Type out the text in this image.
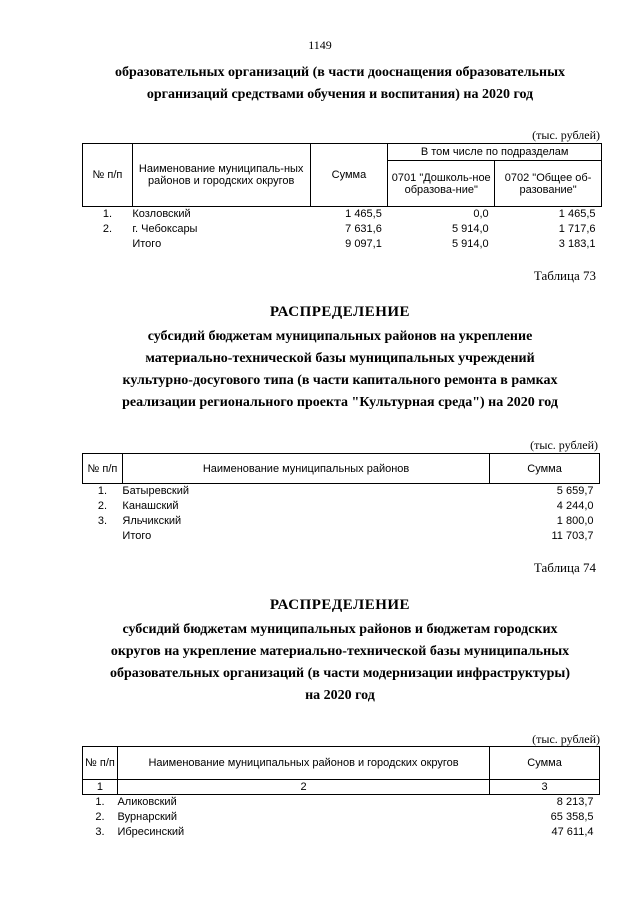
1149
образовательных организаций (в части дооснащения образовательных
организаций средствами обучения и воспитания) на 2020 год
(тыс. рублей)
№ п/п	Наименование муниципаль-ных районов и городских округов	Сумма	В том числе по подразделам	
			0701 "Дошколь-ное образова-ние"	0702 "Общее об-разование"
1.	Козловский	1 465,5	0,0	1 465,5
2.	г. Чебоксары	7 631,6	5 914,0	1 717,6
	Итого	9 097,1	5 914,0	3 183,1
Таблица 73
РАСПРЕДЕЛЕНИЕ
субсидий бюджетам муниципальных районов на укрепление
материально-технической базы муниципальных учреждений
культурно-досугового типа (в части капитального ремонта в рамках
реализации регионального проекта "Культурная среда") на 2020 год
(тыс. рублей)
№ п/п	Наименование муниципальных районов	Сумма
1.	Батыревский	5 659,7
2.	Канашский	4 244,0
3.	Яльчикский	1 800,0
	Итого	11 703,7
Таблица 74
РАСПРЕДЕЛЕНИЕ
субсидий бюджетам муниципальных районов и бюджетам городских
округов на укрепление материально-технической базы муниципальных
образовательных организаций (в части модернизации инфраструктуры)
на 2020 год
(тыс. рублей)
№ п/п	Наименование муниципальных районов и городских округов	Сумма
1	2	3
1.	Аликовский	8 213,7
2.	Вурнарский	65 358,5
3.	Ибресинский	47 611,4
